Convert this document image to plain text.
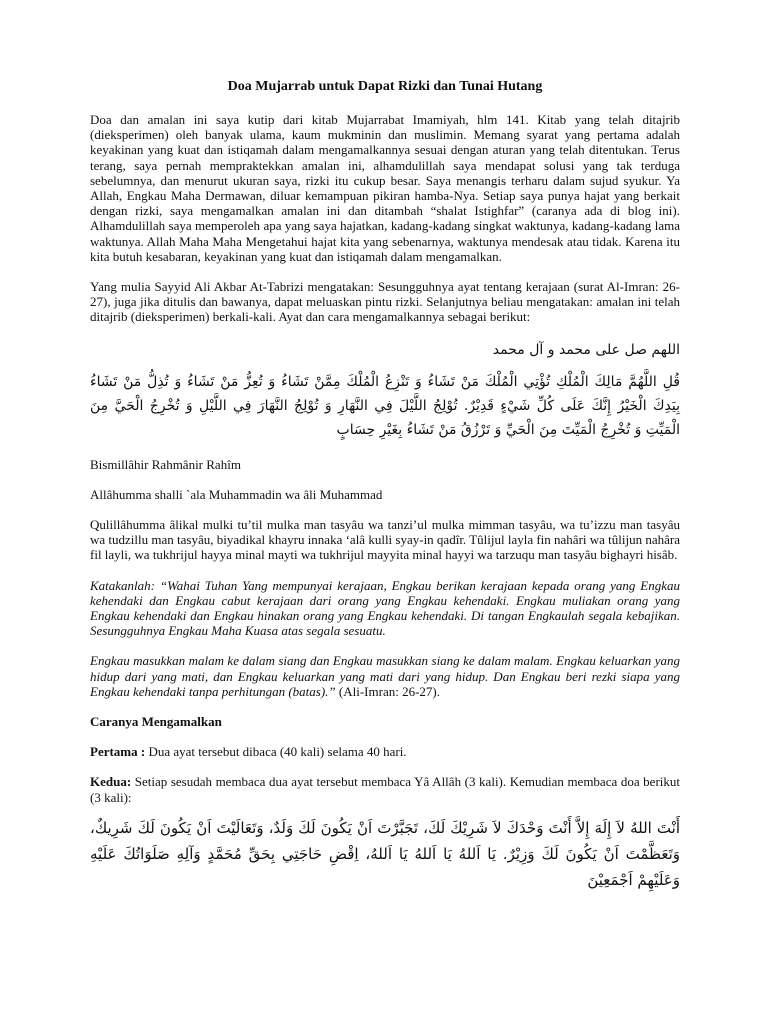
Doa Mujarrab untuk Dapat Rizki dan Tunai Hutang

Doa dan amalan ini saya kutip dari kitab Mujarrabat Imamiyah, hlm 141. Kitab yang telah ditajrib (dieksperimen) oleh banyak ulama, kaum mukminin dan muslimin. Memang syarat yang pertama adalah keyakinan yang kuat dan istiqamah dalam mengamalkannya sesuai dengan aturan yang telah ditentukan. Terus terang, saya pernah mempraktekkan amalan ini, alhamdulillah saya mendapat solusi yang tak terduga sebelumnya, dan menurut ukuran saya, rizki itu cukup besar. Saya menangis terharu dalam sujud syukur. Ya Allah, Engkau Maha Dermawan, diluar kemampuan pikiran hamba-Nya. Setiap saya punya hajat yang berkait dengan rizki, saya mengamalkan amalan ini dan ditambah “shalat Istighfar” (caranya ada di blog ini). Alhamdulillah saya memperoleh apa yang saya hajatkan, kadang-kadang singkat waktunya, kadang-kadang lama waktunya. Allah Maha Maha Mengetahui hajat kita yang sebenarnya, waktunya mendesak atau tidak. Karena itu kita butuh kesabaran, keyakinan yang kuat dan istiqamah dalam mengamalkan.

Yang mulia Sayyid Ali Akbar At-Tabrizi mengatakan: Sesungguhnya ayat tentang kerajaan (surat Al-Imran: 26-27), juga jika ditulis dan bawanya, dapat meluaskan pintu rizki. Selanjutnya beliau mengatakan: amalan ini telah ditajrib (dieksperimen) berkali-kali. Ayat dan cara mengamalkannya sebagai berikut:

اللهم صل على محمد و آل محمد
قُلِ اللَّهُمَّ مَالِكَ الْمُلْكِ تُؤْتِي الْمُلْكَ مَنْ تَشَاءُ وَ تَنْزِعُ الْمُلْكَ مِمَّنْ تَشَاءُ وَ تُعِزُّ مَنْ تَشَاءُ وَ تُذِلُّ مَنْ تَشَاءُ بِيَدِكَ الْخَيْرُ إِنَّكَ عَلَى كُلِّ شَيْءٍ قَدِيْرٌ. تُوْلِجُ اللَّيْلَ فِي النَّهَارِ وَ تُوْلِجُ النَّهَارَ فِي اللَّيْلِ وَ تُخْرِجُ الْحَيَّ مِنَ الْمَيِّتِ وَ تُخْرِجُ الْمَيِّتَ مِنَ الْحَيِّ وَ تَرْزُقُ مَنْ تَشَاءُ بِغَيْرِ حِسَابٍ

Bismillâhir Rahmânir Rahîm

Allâhumma shalli `ala Muhammadin wa âli Muhammad

Qulillâhumma âlikal mulki tu’til mulka man tasyâu wa tanzi’ul mulka mimman tasyâu, wa tu’izzu man tasyâu wa tudzillu man tasyâu, biyadikal khayru innaka ‘alâ kulli syay-in qadîr. Tûlijul layla fin nahâri wa tûlijun nahâra fil layli, wa tukhrijul hayya minal mayti wa tukhrijul mayyita minal hayyi wa tarzuqu man tasyâu bighayri hisâb.

Katakanlah: “Wahai Tuhan Yang mempunyai kerajaan, Engkau berikan kerajaan kepada orang yang Engkau kehendaki dan Engkau cabut kerajaan dari orang yang Engkau kehendaki. Engkau muliakan orang yang Engkau kehendaki dan Engkau hinakan orang yang Engkau kehendaki. Di tangan Engkaulah segala kebajikan. Sesungguhnya Engkau Maha Kuasa atas segala sesuatu.

Engkau masukkan malam ke dalam siang dan Engkau masukkan siang ke dalam malam. Engkau keluarkan yang hidup dari yang mati, dan Engkau keluarkan yang mati dari yang hidup. Dan Engkau beri rezki siapa yang Engkau kehendaki tanpa perhitungan (batas).” (Ali-Imran: 26-27).

Caranya Mengamalkan

Pertama : Dua ayat tersebut dibaca (40 kali) selama 40 hari.

Kedua: Setiap sesudah membaca dua ayat tersebut membaca Yâ Allâh (3 kali). Kemudian membaca doa berikut (3 kali):

أَنْتَ اللهُ لاَ إِلَهَ إِلاَّ أَنْتَ وَحْدَكَ لاَ شَرِيْكَ لَكَ، تَجَبَّرْتَ اَنْ يَكُونَ لَكَ وَلَدٌ، وَتَعَالَيْتَ اَنْ يَكُونَ لَكَ شَرِيكٌ، وَتَعَظَّمْتَ اَنْ يَكُونَ لَكَ وَزِيْرٌ. يَا اَللهُ يَا اَللهُ يَا اَللهُ، اِقْضِ حَاجَتِي بِحَقِّ مُحَمَّدٍ وَآلِهِ صَلَوَاتُكَ عَلَيْهِ وَعَلَيْهِمْ اَجْمَعِيْنَ
